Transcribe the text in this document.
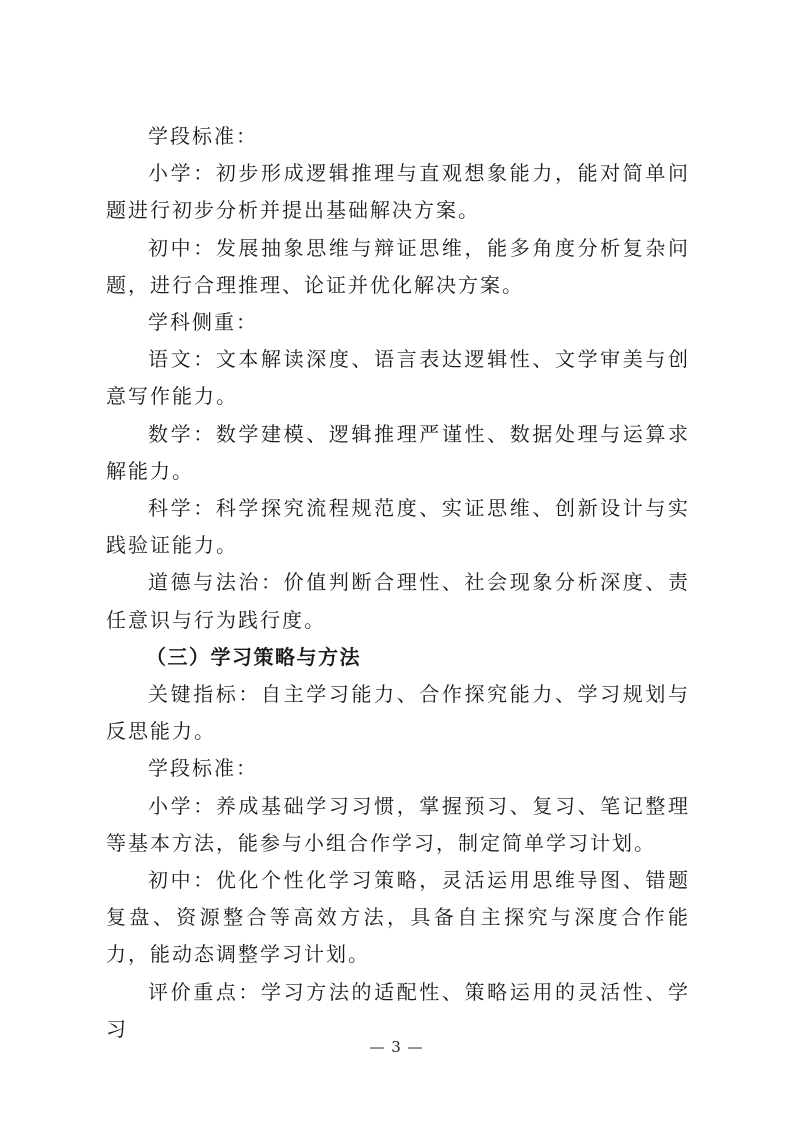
学段标准：

小学：初步形成逻辑推理与直观想象能力，能对简单问题进行初步分析并提出基础解决方案。

初中：发展抽象思维与辩证思维，能多角度分析复杂问题，进行合理推理、论证并优化解决方案。

学科侧重：

语文：文本解读深度、语言表达逻辑性、文学审美与创意写作能力。

数学：数学建模、逻辑推理严谨性、数据处理与运算求解能力。

科学：科学探究流程规范度、实证思维、创新设计与实践验证能力。

道德与法治：价值判断合理性、社会现象分析深度、责任意识与行为践行度。

（三）学习策略与方法

关键指标：自主学习能力、合作探究能力、学习规划与反思能力。

学段标准：

小学：养成基础学习习惯，掌握预习、复习、笔记整理等基本方法，能参与小组合作学习，制定简单学习计划。

初中：优化个性化学习策略，灵活运用思维导图、错题复盘、资源整合等高效方法，具备自主探究与深度合作能力，能动态调整学习计划。

评价重点：学习方法的适配性、策略运用的灵活性、学习

— 3 —
